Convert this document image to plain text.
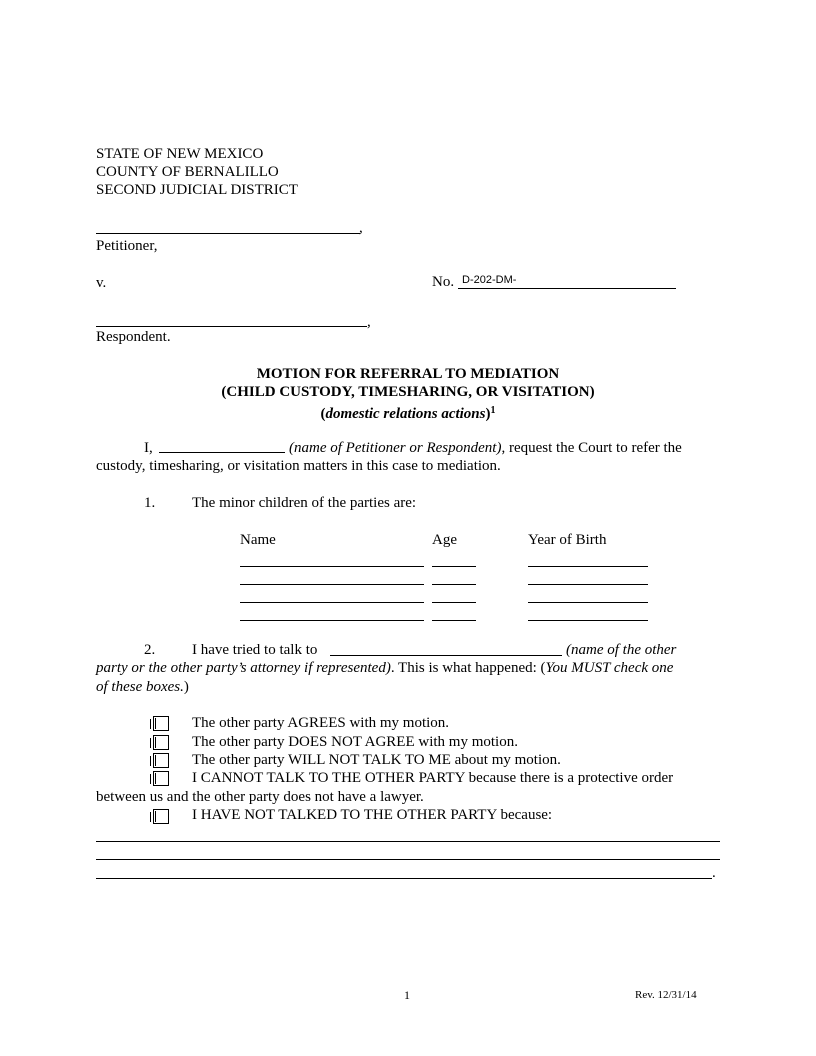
STATE OF NEW MEXICO
COUNTY OF BERNALILLO
SECOND JUDICIAL DISTRICT
,
Petitioner,
v.	No. D-202-DM-
,
Respondent.
MOTION FOR REFERRAL TO MEDIATION
(CHILD CUSTODY, TIMESHARING, OR VISITATION)
(domestic relations actions)$^1$
I,	(name of Petitioner or Respondent), request the Court to refer the
custody, timesharing, or visitation matters in this case to mediation.
1. The minor children of the parties are:
Name	Age	Year of Birth
2. I have tried to talk to	(name of the other
party or the other party’s attorney if represented). This is what happened: (You MUST check one
of these boxes.)
The other party AGREES with my motion.
The other party DOES NOT AGREE with my motion.
The other party WILL NOT TALK TO ME about my motion.
I CANNOT TALK TO THE OTHER PARTY because there is a protective order
between us and the other party does not have a lawyer.
I HAVE NOT TALKED TO THE OTHER PARTY because:
.
1	Rev. 12/31/14
